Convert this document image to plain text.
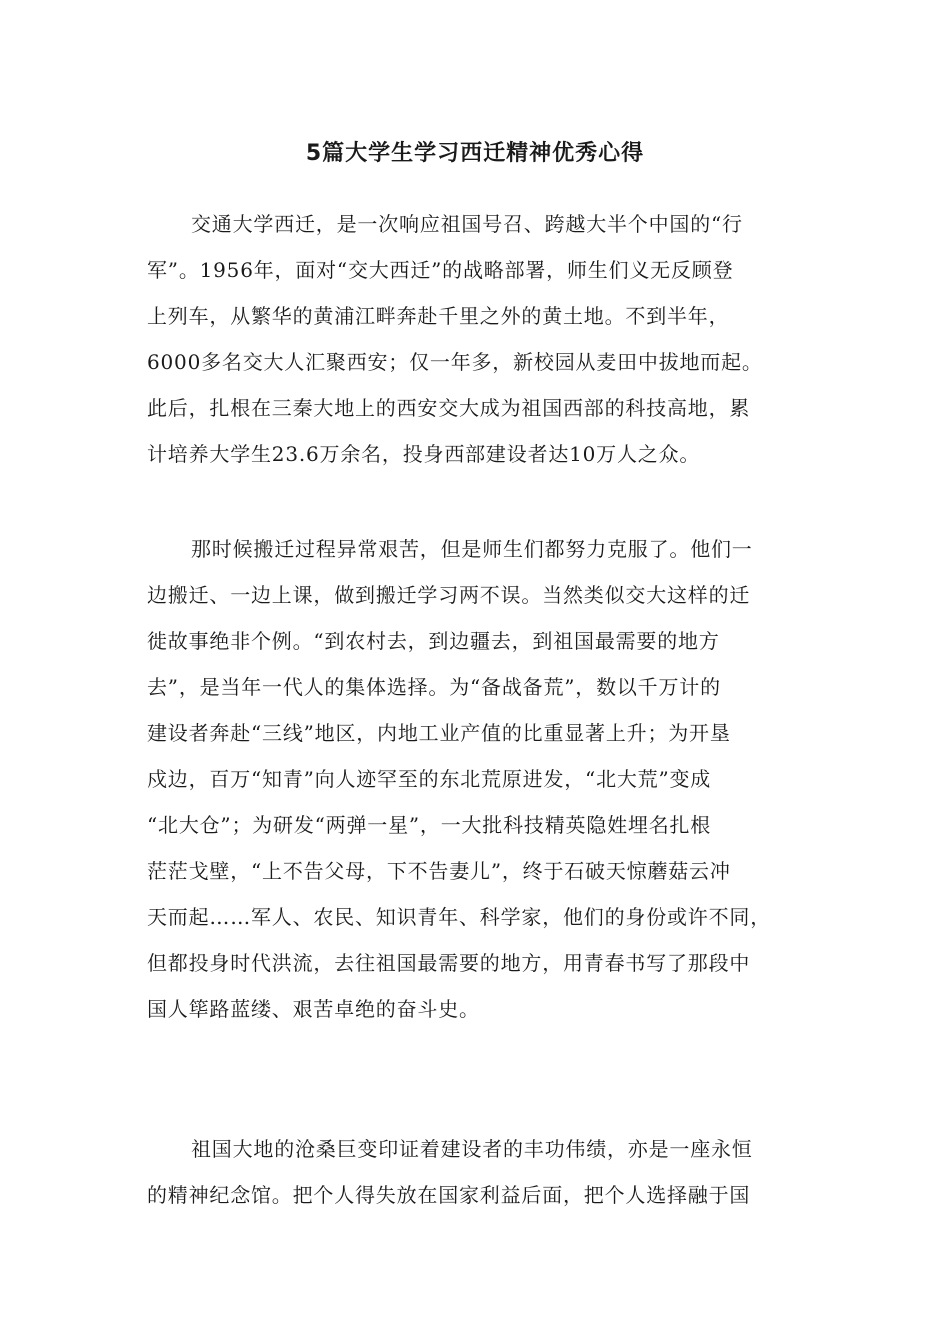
5篇大学生学习西迁精神优秀心得
交通大学西迁，是一次响应祖国号召、跨越大半个中国的“行
军”。1956年，面对“交大西迁”的战略部署，师生们义无反顾登
上列车，从繁华的黄浦江畔奔赴千里之外的黄土地。不到半年，
6000多名交大人汇聚西安；仅一年多，新校园从麦田中拔地而起。
此后，扎根在三秦大地上的西安交大成为祖国西部的科技高地，累
计培养大学生23.6万余名，投身西部建设者达10万人之众。
那时候搬迁过程异常艰苦，但是师生们都努力克服了。他们一
边搬迁、一边上课，做到搬迁学习两不误。当然类似交大这样的迁
徙故事绝非个例。“到农村去，到边疆去，到祖国最需要的地方
去”，是当年一代人的集体选择。为“备战备荒”，数以千万计的
建设者奔赴“三线”地区，内地工业产值的比重显著上升；为开垦
戍边，百万“知青”向人迹罕至的东北荒原进发，“北大荒”变成
“北大仓”；为研发“两弹一星”，一大批科技精英隐姓埋名扎根
茫茫戈壁，“上不告父母，下不告妻儿”，终于石破天惊蘑菇云冲
天而起……军人、农民、知识青年、科学家，他们的身份或许不同，
但都投身时代洪流，去往祖国最需要的地方，用青春书写了那段中
国人筚路蓝缕、艰苦卓绝的奋斗史。
祖国大地的沧桑巨变印证着建设者的丰功伟绩，亦是一座永恒
的精神纪念馆。把个人得失放在国家利益后面，把个人选择融于国
